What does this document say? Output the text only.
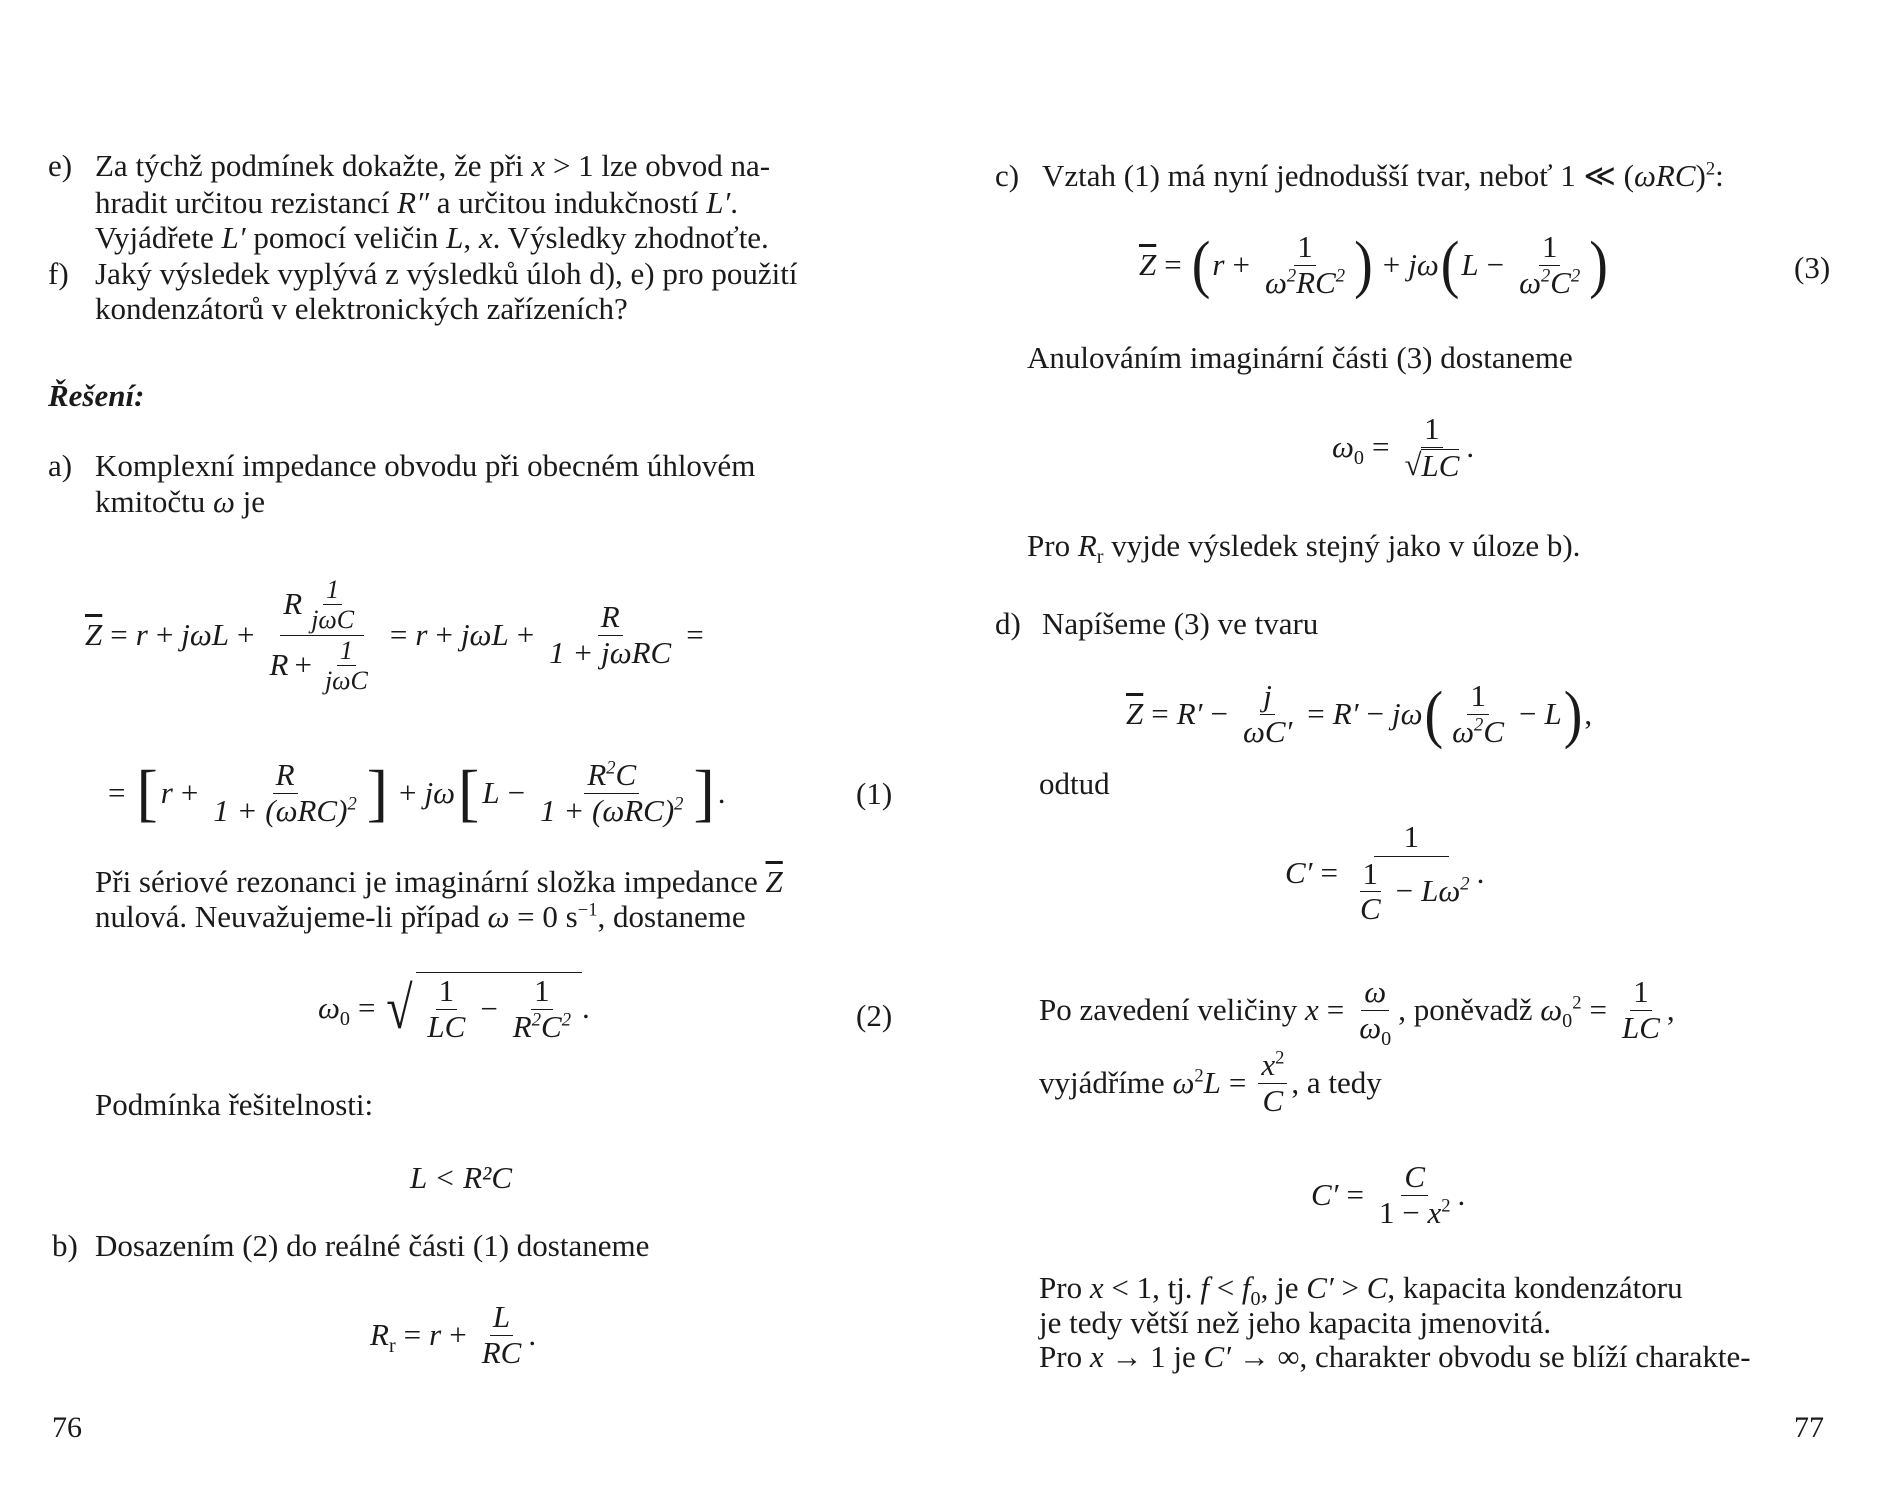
e) Za týchž podmínek dokažte, že při x > 1 lze obvod na-
hradit určitou rezistancí R″ a určitou indukčností L′.
Vyjádřete L′ pomocí veličin L, x. Výsledky zhodnoťte.
f) Jaký výsledek vyplývá z výsledků úloh d), e) pro použití
kondenzátorů v elektronických zařízeních?
Řešení:
a) Komplexní impedance obvodu při obecném úhlovém
kmitočtu ω je
$\overline{Z} = r + j\omega L + \frac{R \frac{1}{\text{jωC}}}{R + \frac{1}{\text{jωC}}} = r + j\omega L + \frac{R}{\text{1 + jωRC}}$ =
= [ $r + \frac{R}{1 + (\omega RC)^2}$ ] + jω [ $L - \frac{R^2C}{1 + (\omega RC)^2}$ ] .	(1)
Při sériové rezonanci je imaginární složka impedance $\overline{Z}$
nulová. Neuvažujeme-li případ ω = 0 $s^{-1}$, dostaneme
$\omega_0$ = √ $\frac{1}{LC} - \frac{1}{R^2C^2}$ .	(2)
Podmínka řešitelnosti:
L < R²C
b) Dosazením (2) do reálné části (1) dostaneme
$R_r = r + \frac{L}{RC}$ .
76
c) Vztah (1) má nyní jednodušší tvar, neboť 1 ≪ $(\omega RC)^2$:
$\overline{Z}$ = ( $r + \frac{1}{\omega^2RC^2}$ ) + jω ( $L - \frac{1}{\omega^2C^2}$ )	(3)
Anulováním imaginární části (3) dostaneme
$\omega_0 = \frac{1}{√ LC}$ .
Pro $R_r$ vyjde výsledek stejný jako v úloze b).
d) Napíšeme (3) ve tvaru
$\overline{Z} = R' - \frac{j}{\omega C'} = R' - j\omega$ ( $\frac{1}{\omega^2C} - L$ ) ,
odtud
$C' = \frac{1}{\frac{1}{C} - L\omega^2}$ .
Po zavedení veličiny $x = \frac{\omega}{\omega_0}$ , poněvadž $\omega_0^2 = \frac{1}{LC}$ ,
vyjádříme $\omega^2L = \frac{x^2}{C}$ , a tedy
$C' = \frac{C}{1 - x^2}$ .
Pro x < 1, tj. $f < f_0$, je C′ > C, kapacita kondenzátoru
je tedy větší než jeho kapacita jmenovitá.
Pro x → 1 je C′ → ∞, charakter obvodu se blíží charakte-
77
